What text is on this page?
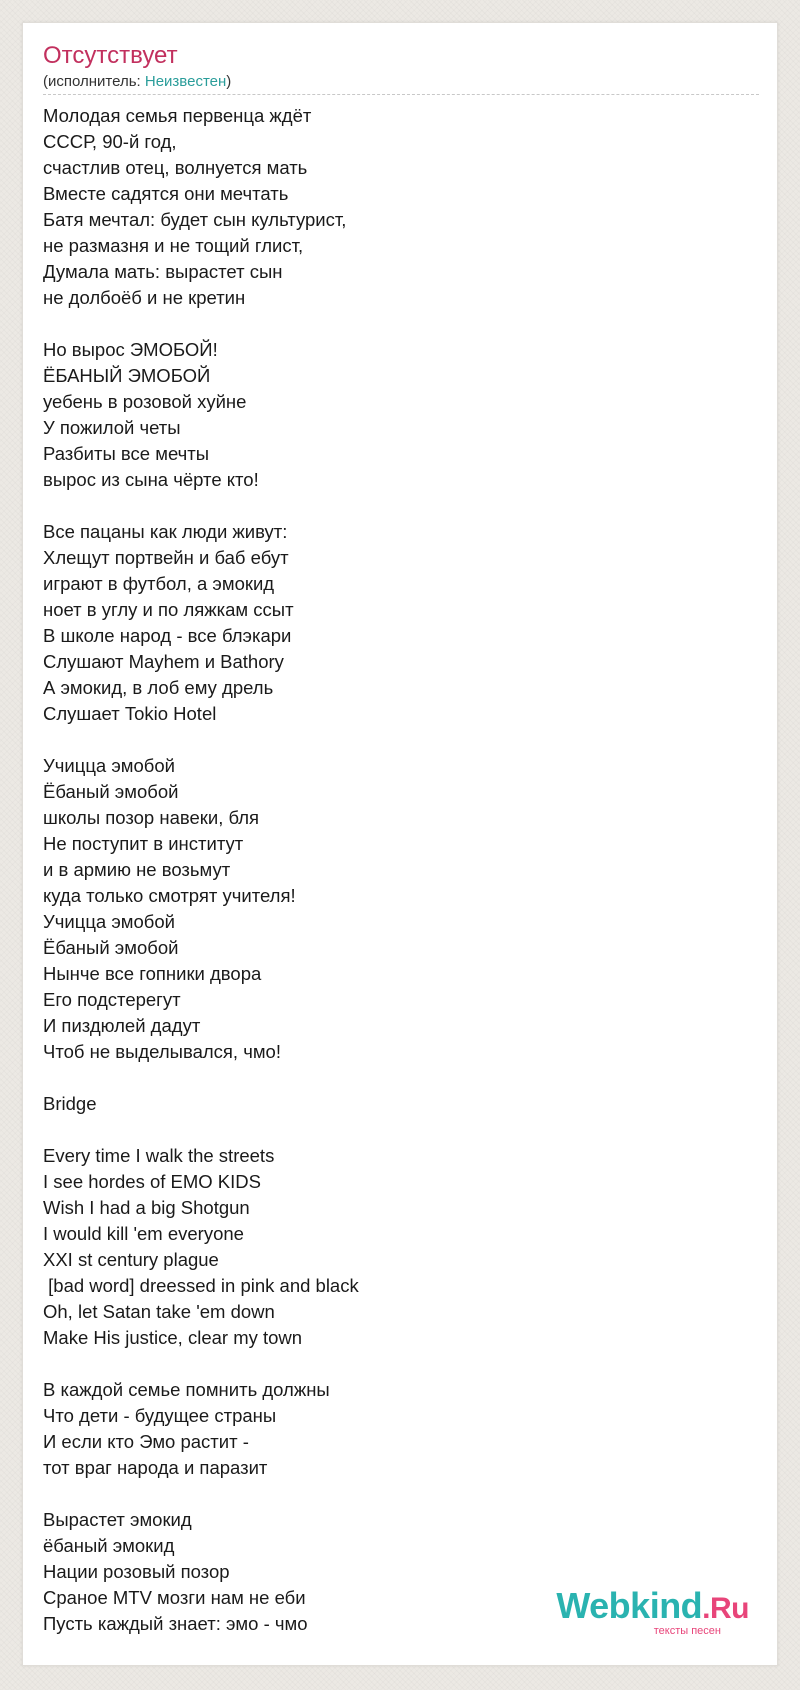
Отсутствует
(исполнитель: Неизвестен)
Молодая семья первенца ждёт
СССР, 90-й год,
счастлив отец, волнуется мать
Вместе садятся они мечтать
Батя мечтал: будет сын культурист,
не размазня и не тощий глист,
Думала мать: вырастет сын
не долбоёб и не кретин
Но вырос ЭМОБОЙ!
ЁБАНЫЙ ЭМОБОЙ
уебень в розовой хуйне
У пожилой четы
Разбиты все мечты
вырос из сына чёрте кто!
Все пацаны как люди живут:
Хлещут портвейн и баб ебут
играют в футбол, а эмокид
ноет в углу и по ляжкам ссыт
В школе народ - все блэкари
Слушают Mayhem и Bathory
А эмокид, в лоб ему дрель
Слушает Tokio Hotel
Учицца эмобой
Ёбаный эмобой
школы позор навеки, бля
Не поступит в институт
и в армию не возьмут
куда только смотрят учителя!
Учицца эмобой
Ёбаный эмобой
Нынче все гопники двора
Его подстерегут
И пиздюлей дадут
Чтоб не выделывался, чмо!
Bridge
Every time I walk the streets
I see hordes of EMO KIDS
Wish I had a big Shotgun
I would kill 'em everyone
XXI st century plague
[bad word] dreessed in pink and black
Oh, let Satan take 'em down
Make His justice, clear my town
В каждой семье помнить должны
Что дети - будущее страны
И если кто Эмо растит -
тот враг народа и паразит
Вырастет эмокид
ёбаный эмокид
Нации розовый позор
Сраное MTV мозги нам не еби
Пусть каждый знает: эмо - чмо	Webkind.Ru
тексты песен
